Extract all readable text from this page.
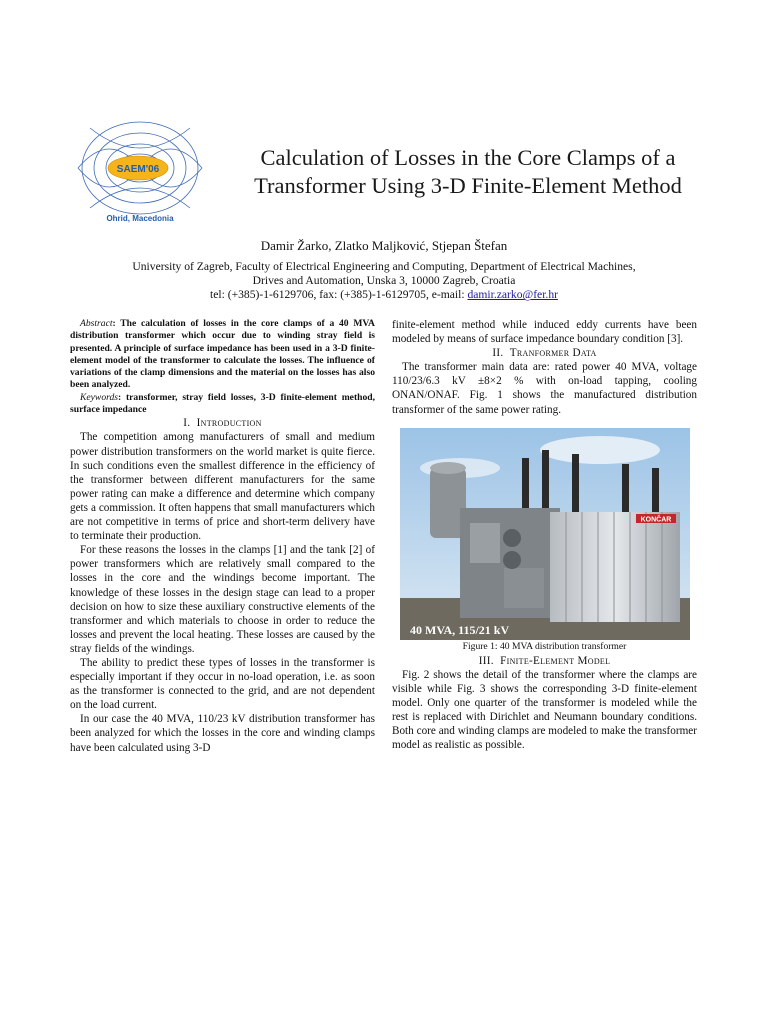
SAEM'06
Ohrid, Macedonia
Calculation of Losses in the Core Clamps of a
Transformer Using 3-D Finite-Element Method
Damir Žarko, Zlatko Maljković, Stjepan Štefan
University of Zagreb, Faculty of Electrical Engineering and Computing, Department of Electrical Machines,
Drives and Automation, Unska 3, 10000 Zagreb, Croatia
tel: (+385)-1-6129706, fax: (+385)-1-6129705, e-mail: damir.zarko@fer.hr

Abstract: The calculation of losses in the core clamps of a 40 MVA distribution transformer which occur due to winding stray field is presented. A principle of surface impedance has been used in a 3-D finite-element model of the transformer to calculate the losses. The influence of variations of the clamp dimensions and the material on the losses has also been analyzed.

Keywords: transformer, stray field losses, 3-D finite-element method, surface impedance

I. Introduction

The competition among manufacturers of small and medium power distribution transformers on the world market is quite fierce. In such conditions even the smallest difference in the efficiency of the transformer between different manufacturers for the same power rating can make a difference and determine which company gets a commission. It often happens that small manufacturers which are not competitive in terms of price and short-term delivery have to terminate their production.

For these reasons the losses in the clamps [1] and the tank [2] of power transformers which are relatively small compared to the losses in the core and the windings become important. The knowledge of these losses in the design stage can lead to a proper decision on how to size these auxiliary constructive elements of the transformer and which materials to choose in order to reduce the losses and prevent the local heating. These losses are caused by the stray fields of the windings.

The ability to predict these types of losses in the transformer is especially important if they occur in no-load operation, i.e. as soon as the transformer is connected to the grid, and are not dependent on the load current.

In our case the 40 MVA, 110/23 kV distribution transformer has been analyzed for which the losses in the core and winding clamps have been calculated using 3-D

finite-element method while induced eddy currents have been modeled by means of surface impedance boundary condition [3].

II. Tranformer Data

The transformer main data are: rated power 40 MVA, voltage 110/23/6.3 kV ±8×2 % with on-load tapping, cooling ONAN/ONAF. Fig. 1 shows the manufactured distribution transformer of the same power rating.

KONČAR
40 MVA, 115/21 kV

Figure 1: 40 MVA distribution transformer

III. Finite-Element Model

Fig. 2 shows the detail of the transformer where the clamps are visible while Fig. 3 shows the corresponding 3-D finite-element model. Only one quarter of the transformer is modeled while the rest is replaced with Dirichlet and Neumann boundary conditions. Both core and winding clamps are modeled to make the transformer model as realistic as possible.
